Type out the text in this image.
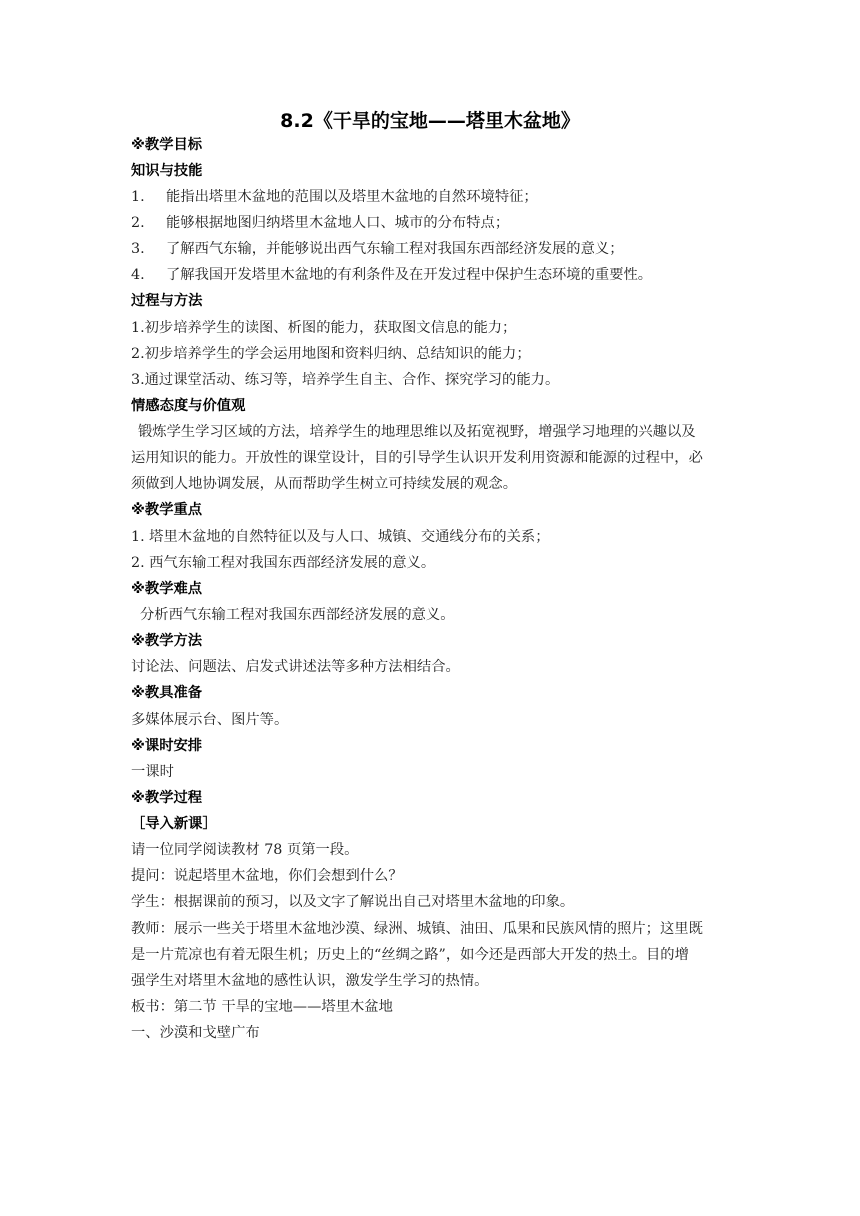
8.2《干旱的宝地——塔里木盆地》
※教学目标
知识与技能
1. 能指出塔里木盆地的范围以及塔里木盆地的自然环境特征；
2. 能够根据地图归纳塔里木盆地人口、城市的分布特点；
3. 了解西气东输，并能够说出西气东输工程对我国东西部经济发展的意义；
4. 了解我国开发塔里木盆地的有利条件及在开发过程中保护生态环境的重要性。
过程与方法
1.初步培养学生的读图、析图的能力，获取图文信息的能力；
2.初步培养学生的学会运用地图和资料归纳、总结知识的能力；
3.通过课堂活动、练习等，培养学生自主、合作、探究学习的能力。
情感态度与价值观
锻炼学生学习区域的方法，培养学生的地理思维以及拓宽视野，增强学习地理的兴趣以及
运用知识的能力。开放性的课堂设计，目的引导学生认识开发利用资源和能源的过程中，必
须做到人地协调发展，从而帮助学生树立可持续发展的观念。
※教学重点
1. 塔里木盆地的自然特征以及与人口、城镇、交通线分布的关系；
2. 西气东输工程对我国东西部经济发展的意义。
※教学难点
分析西气东输工程对我国东西部经济发展的意义。
※教学方法
讨论法、问题法、启发式讲述法等多种方法相结合。
※教具准备
多媒体展示台、图片等。
※课时安排
一课时
※教学过程
［导入新课］
请一位同学阅读教材 78 页第一段。
提问：说起塔里木盆地，你们会想到什么？
学生：根据课前的预习，以及文字了解说出自己对塔里木盆地的印象。
教师：展示一些关于塔里木盆地沙漠、绿洲、城镇、油田、瓜果和民族风情的照片；这里既
是一片荒凉也有着无限生机；历史上的“丝绸之路”，如今还是西部大开发的热土。目的增
强学生对塔里木盆地的感性认识，激发学生学习的热情。
板书：第二节 干旱的宝地——塔里木盆地
一、沙漠和戈壁广布
